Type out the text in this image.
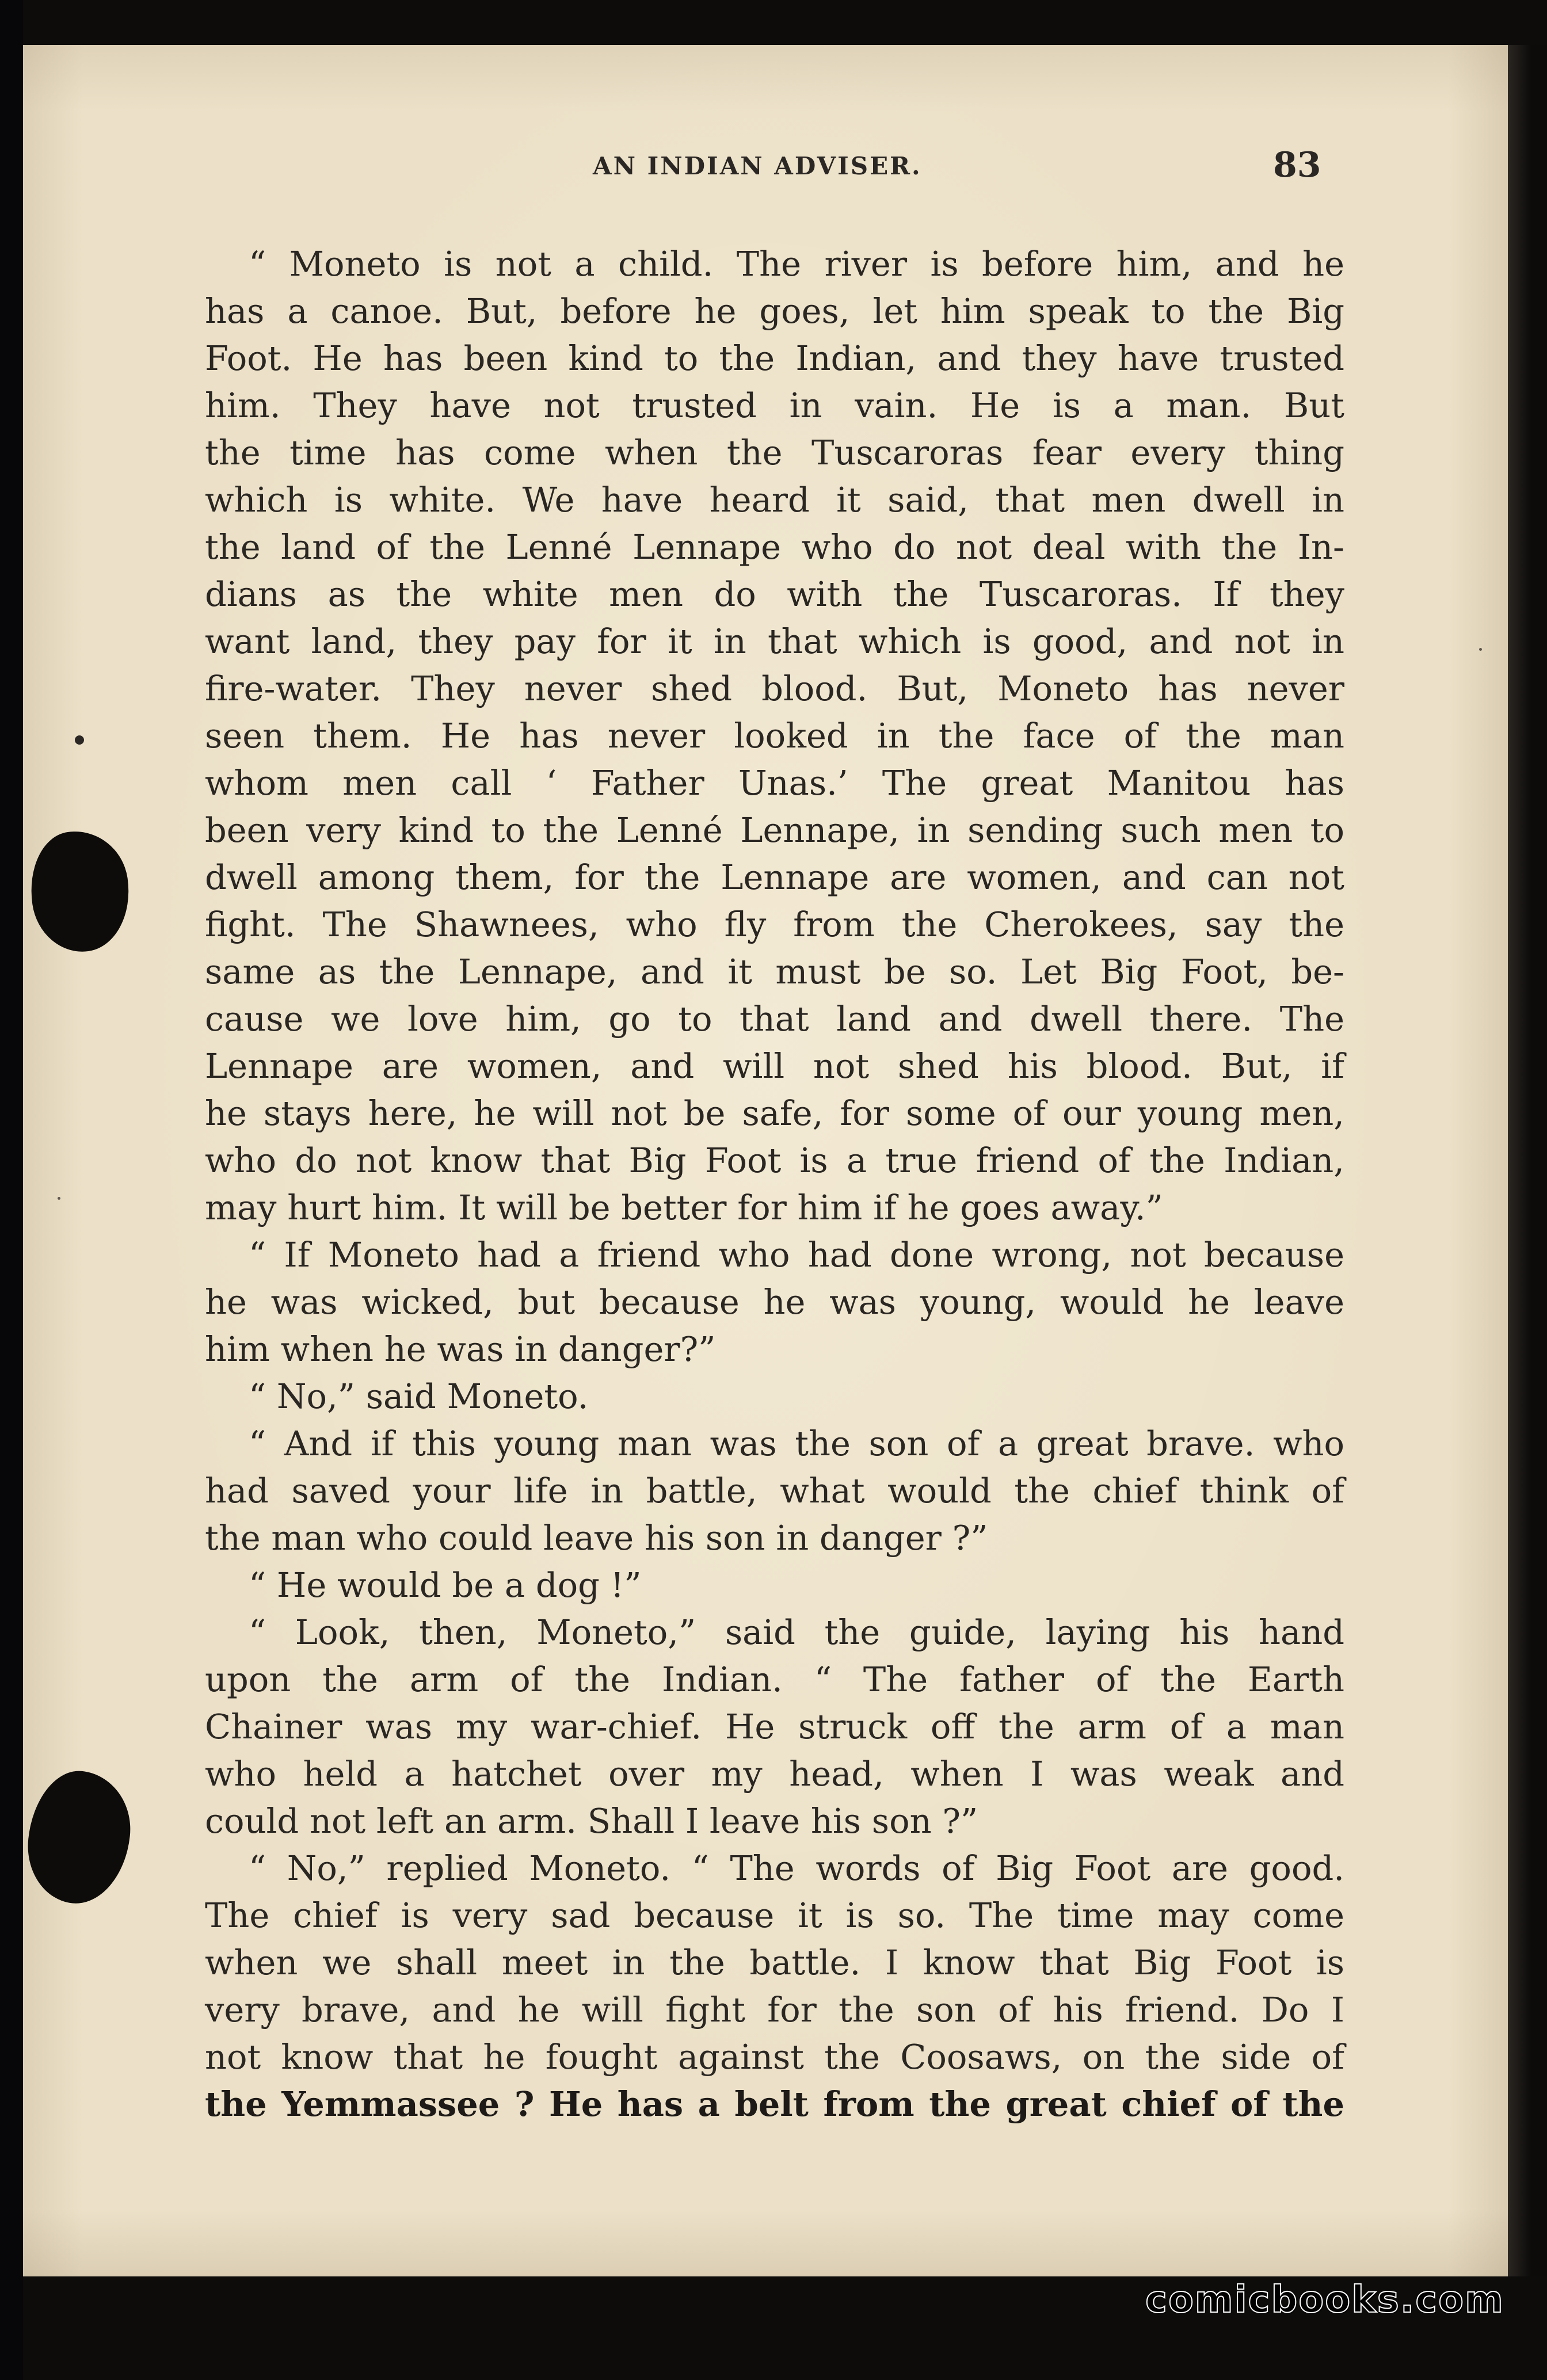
AN INDIAN ADVISER.	83
“ Moneto is not a child. The river is before him, and he
has a canoe. But, before he goes, let him speak to the Big
Foot. He has been kind to the Indian, and they have trusted
him. They have not trusted in vain. He is a man. But
the time has come when the Tuscaroras fear every thing
which is white. We have heard it said, that men dwell in
the land of the Lenné Lennape who do not deal with the In-
dians as the white men do with the Tuscaroras. If they
want land, they pay for it in that which is good, and not in
fire-water. They never shed blood. But, Moneto has never
seen them. He has never looked in the face of the man
whom men call ‘ Father Unas.’ The great Manitou has
been very kind to the Lenné Lennape, in sending such men to
dwell among them, for the Lennape are women, and can not
fight. The Shawnees, who fly from the Cherokees, say the
same as the Lennape, and it must be so. Let Big Foot, be-
cause we love him, go to that land and dwell there. The
Lennape are women, and will not shed his blood. But, if
he stays here, he will not be safe, for some of our young men,
who do not know that Big Foot is a true friend of the Indian,
may hurt him. It will be better for him if he goes away.”
“ If Moneto had a friend who had done wrong, not because
he was wicked, but because he was young, would he leave
him when he was in danger?”
“ No,” said Moneto.
“ And if this young man was the son of a great brave. who
had saved your life in battle, what would the chief think of
the man who could leave his son in danger ?”
“ He would be a dog !”
“ Look, then, Moneto,” said the guide, laying his hand
upon the arm of the Indian. “ The father of the Earth
Chainer was my war-chief. He struck off the arm of a man
who held a hatchet over my head, when I was weak and
could not left an arm. Shall I leave his son ?”
“ No,” replied Moneto. “ The words of Big Foot are good.
The chief is very sad because it is so. The time may come
when we shall meet in the battle. I know that Big Foot is
very brave, and he will fight for the son of his friend. Do I
not know that he fought against the Coosaws, on the side of
the Yemmassee ? He has a belt from the great chief of the
comicbooks.com
